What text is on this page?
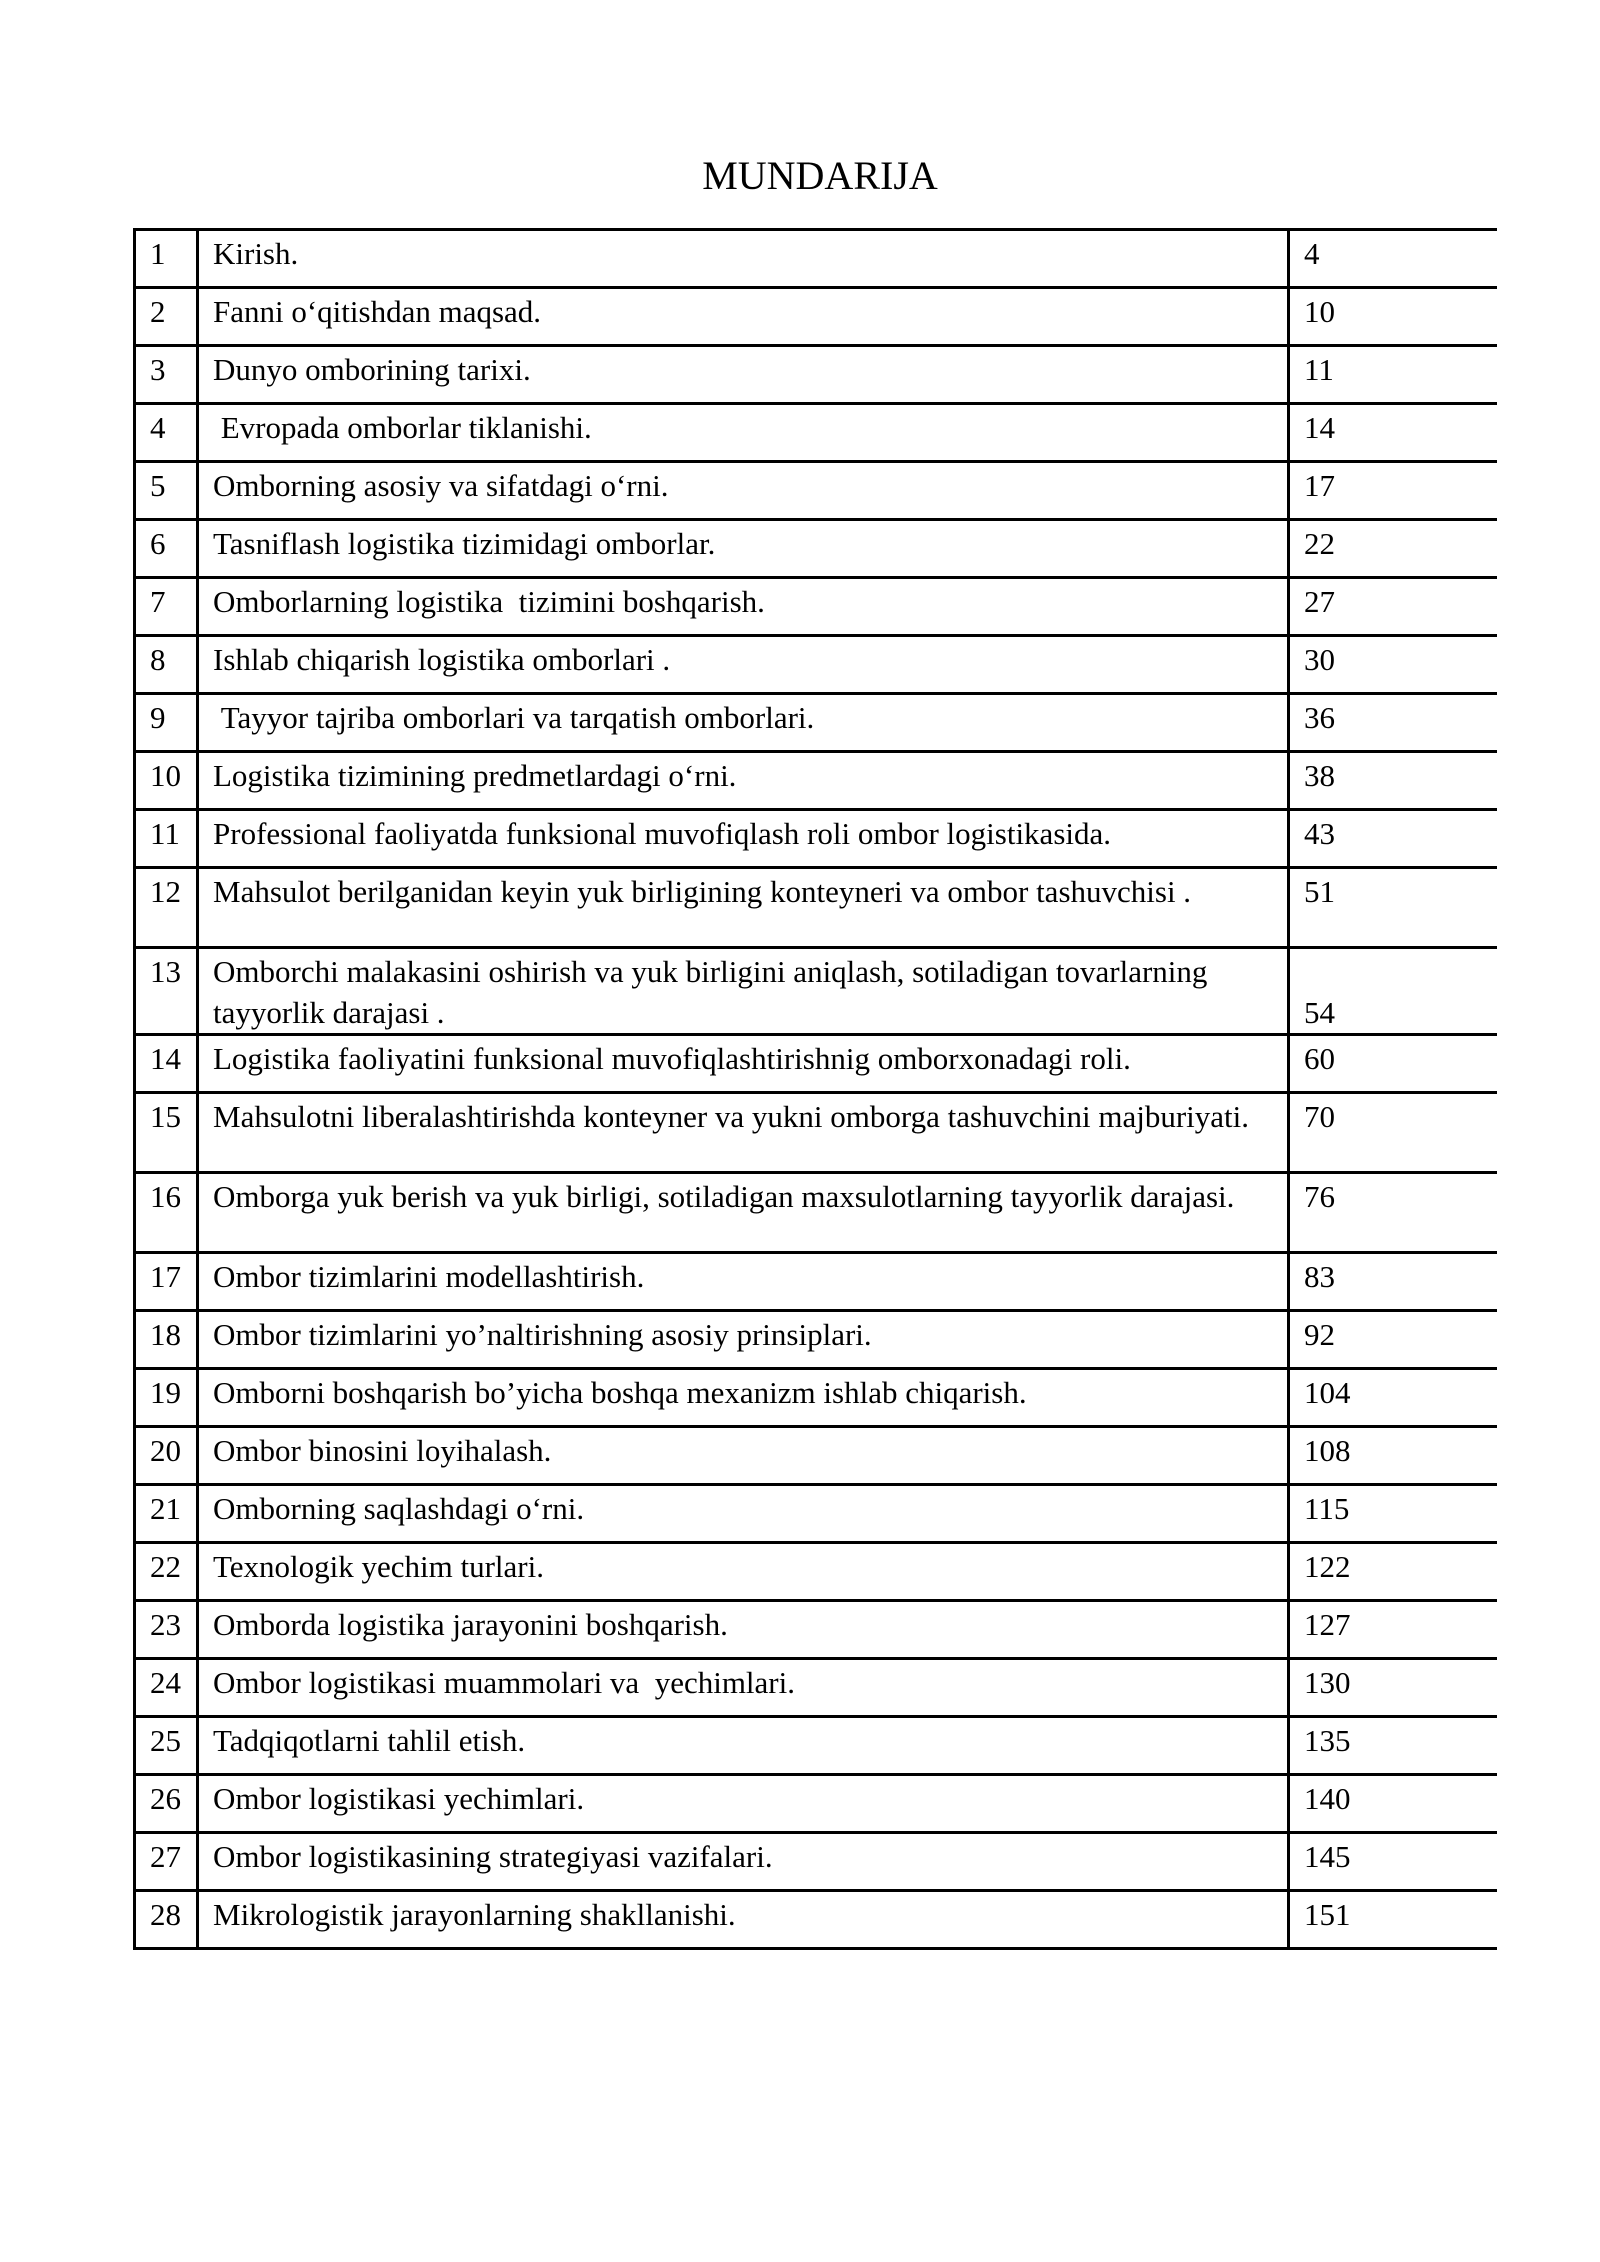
MUNDARIJA
1	Kirish.	4

2	Fanni o‘qitishdan maqsad.	10

3	Dunyo omborining tarixi.	11

4	Evropada omborlar tiklanishi.	14

5	Omborning asosiy va sifatdagi o‘rni.	17

6	Tasniflash logistika tizimidagi omborlar.	22

7	Omborlarning logistika  tizimini boshqarish.	27

8	Ishlab chiqarish logistika omborlari .	30

9	Tayyor tajriba omborlari va tarqatish omborlari.	36

10	Logistika tizimining predmetlardagi o‘rni.	38

11	Professional faoliyatda funksional muvofiqlash roli ombor logistikasida.	43

12	Mahsulot berilganidan keyin yuk birligining konteyneri va ombor tashuvchisi .	51

13	Omborchi malakasini oshirish va yuk birligini aniqlash, sotiladigan tovarlarning tayyorlik darajasi .	54

14	Logistika faoliyatini funksional muvofiqlashtirishnig omborxonadagi roli.	60

15	Mahsulotni liberalashtirishda konteyner va yukni omborga tashuvchini majburiyati.	70

16	Omborga yuk berish va yuk birligi, sotiladigan maxsulotlarning tayyorlik darajasi.	76

17	Ombor tizimlarini modellashtirish.	83

18	Ombor tizimlarini yo’naltirishning asosiy prinsiplari.	92

19	Omborni boshqarish bo’yicha boshqa mexanizm ishlab chiqarish.	104

20	Ombor binosini loyihalash.	108

21	Omborning saqlashdagi o‘rni.	115

22	Texnologik yechim turlari.	122

23	Omborda logistika jarayonini boshqarish.	127

24	Ombor logistikasi muammolari va  yechimlari.	130

25	Tadqiqotlarni tahlil etish.	135

26	Ombor logistikasi yechimlari.	140

27	Ombor logistikasining strategiyasi vazifalari.	145

28	Mikrologistik jarayonlarning shakllanishi.	151
